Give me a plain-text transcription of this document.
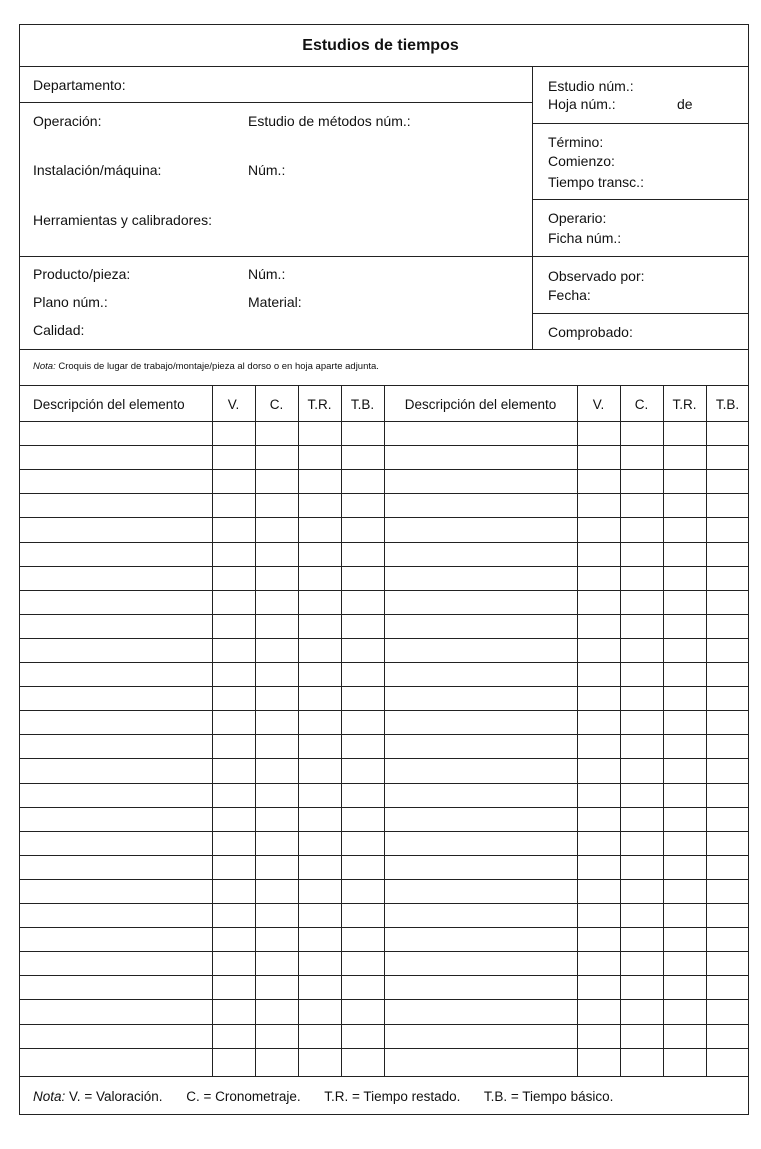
Estudios de tiempos
Departamento:
Operación:	Estudio de métodos núm.:
Instalación/máquina:	Núm.:
Herramientas y calibradores:
Producto/pieza:	Núm.:
Plano núm.:	Material:
Calidad:
Estudio núm.:
Hoja núm.:	de
Término:
Comienzo:
Tiempo transc.:
Operario:
Ficha núm.:
Observado por:
Fecha:
Comprobado:
Nota: Croquis de lugar de trabajo/montaje/pieza al dorso o en hoja aparte adjunta.
Descripción del elemento	V.	C.	T.R.	T.B.	Descripción del elemento	V.	C.	T.R.	T.B.
Nota: V. = Valoración. C. = Cronometraje. T.R. = Tiempo restado. T.B. = Tiempo básico.
